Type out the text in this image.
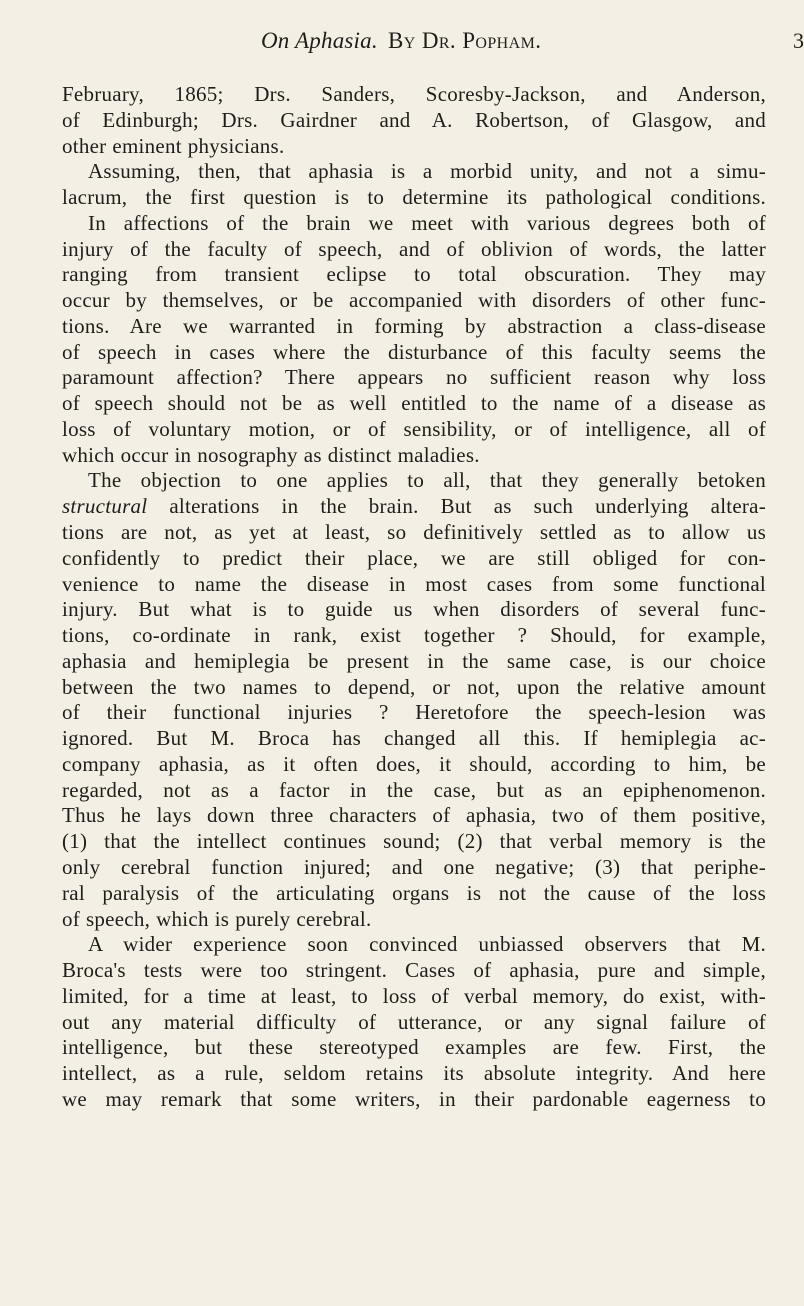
On Aphasia. By Dr. Popham.	3
February, 1865; Drs. Sanders, Scoresby-Jackson, and Anderson,
of Edinburgh; Drs. Gairdner and A. Robertson, of Glasgow, and
other eminent physicians.
Assuming, then, that aphasia is a morbid unity, and not a simu-
lacrum, the first question is to determine its pathological conditions.
In affections of the brain we meet with various degrees both of
injury of the faculty of speech, and of oblivion of words, the latter
ranging from transient eclipse to total obscuration. They may
occur by themselves, or be accompanied with disorders of other func-
tions. Are we warranted in forming by abstraction a class-disease
of speech in cases where the disturbance of this faculty seems the
paramount affection? There appears no sufficient reason why loss
of speech should not be as well entitled to the name of a disease as
loss of voluntary motion, or of sensibility, or of intelligence, all of
which occur in nosography as distinct maladies.
The objection to one applies to all, that they generally betoken
structural alterations in the brain. But as such underlying altera-
tions are not, as yet at least, so definitively settled as to allow us
confidently to predict their place, we are still obliged for con-
venience to name the disease in most cases from some functional
injury. But what is to guide us when disorders of several func-
tions, co-ordinate in rank, exist together ? Should, for example,
aphasia and hemiplegia be present in the same case, is our choice
between the two names to depend, or not, upon the relative amount
of their functional injuries ? Heretofore the speech-lesion was
ignored. But M. Broca has changed all this. If hemiplegia ac-
company aphasia, as it often does, it should, according to him, be
regarded, not as a factor in the case, but as an epiphenomenon.
Thus he lays down three characters of aphasia, two of them positive,
(1) that the intellect continues sound; (2) that verbal memory is the
only cerebral function injured; and one negative; (3) that periphe-
ral paralysis of the articulating organs is not the cause of the loss
of speech, which is purely cerebral.
A wider experience soon convinced unbiassed observers that M.
Broca's tests were too stringent. Cases of aphasia, pure and simple,
limited, for a time at least, to loss of verbal memory, do exist, with-
out any material difficulty of utterance, or any signal failure of
intelligence, but these stereotyped examples are few. First, the
intellect, as a rule, seldom retains its absolute integrity. And here
we may remark that some writers, in their pardonable eagerness to
